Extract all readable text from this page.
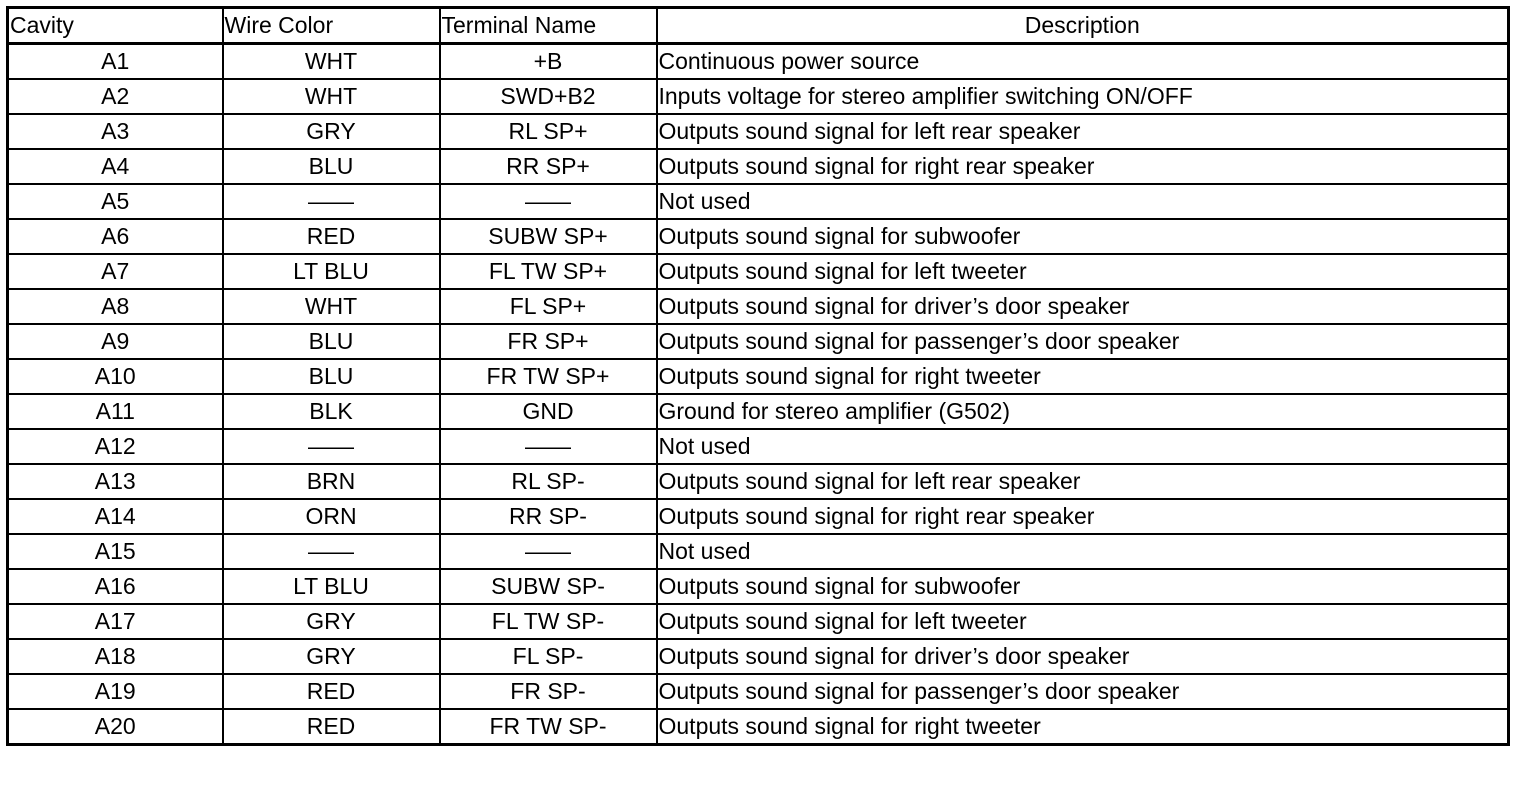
Cavity	Wire Color	Terminal Name	Description
A1	WHT	+B	Continuous power source
A2	WHT	SWD+B2	Inputs voltage for stereo amplifier switching ON/OFF
A3	GRY	RL SP+	Outputs sound signal for left rear speaker
A4	BLU	RR SP+	Outputs sound signal for right rear speaker
A5	——	——	Not used
A6	RED	SUBW SP+	Outputs sound signal for subwoofer
A7	LT BLU	FL TW SP+	Outputs sound signal for left tweeter
A8	WHT	FL SP+	Outputs sound signal for driver’s door speaker
A9	BLU	FR SP+	Outputs sound signal for passenger’s door speaker
A10	BLU	FR TW SP+	Outputs sound signal for right tweeter
A11	BLK	GND	Ground for stereo amplifier (G502)
A12	——	——	Not used
A13	BRN	RL SP-	Outputs sound signal for left rear speaker
A14	ORN	RR SP-	Outputs sound signal for right rear speaker
A15	——	——	Not used
A16	LT BLU	SUBW SP-	Outputs sound signal for subwoofer
A17	GRY	FL TW SP-	Outputs sound signal for left tweeter
A18	GRY	FL SP-	Outputs sound signal for driver’s door speaker
A19	RED	FR SP-	Outputs sound signal for passenger’s door speaker
A20	RED	FR TW SP-	Outputs sound signal for right tweeter
